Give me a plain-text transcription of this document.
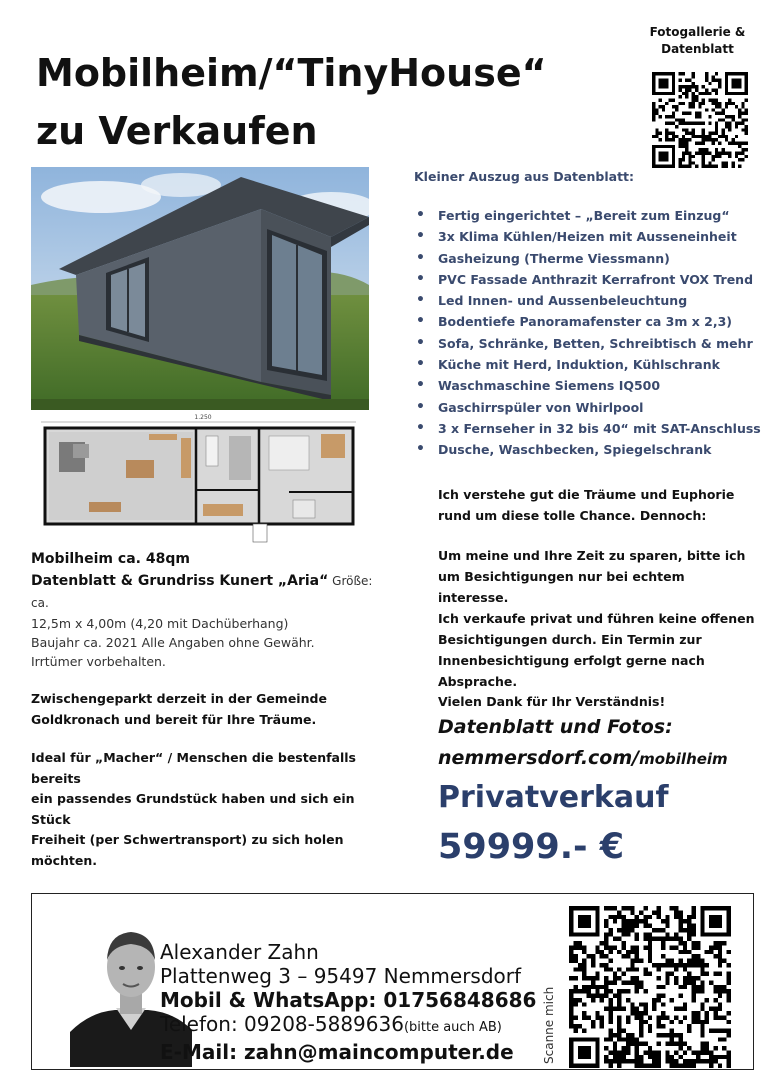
Mobilheim/“TinyHouse“
zu Verkaufen
Fotogallerie &
Datenblatt
1.250
Mobilheim ca. 48qm
Datenblatt & Grundriss Kunert „Aria“ Größe: ca.
12,5m x 4,00m (4,20 mit Dachüberhang)
Baujahr ca. 2021 Alle Angaben ohne Gewähr.
Irrtümer vorbehalten.
Zwischengeparkt derzeit in der Gemeinde
Goldkronach und bereit für Ihre Träume.
Ideal für „Macher“ / Menschen die bestenfalls bereits
ein passendes Grundstück haben und sich ein Stück
Freiheit (per Schwertransport) zu sich holen möchten.
Kleiner Auszug aus Datenblatt:
• Fertig eingerichtet – „Bereit zum Einzug“
• 3x Klima Kühlen/Heizen mit Ausseneinheit
• Gasheizung (Therme Viessmann)
• PVC Fassade Anthrazit Kerrafront VOX Trend
• Led Innen- und Aussenbeleuchtung
• Bodentiefe Panoramafenster ca 3m x 2,3)
• Sofa, Schränke, Betten, Schreibtisch & mehr
• Küche mit Herd, Induktion, Kühlschrank
• Waschmaschine Siemens IQ500
• Gaschirrspüler von Whirlpool
• 3 x Fernseher in 32 bis 40“ mit SAT-Anschluss
• Dusche, Waschbecken, Spiegelschrank
Ich verstehe gut die Träume und Euphorie
rund um diese tolle Chance. Dennoch:
Um meine und Ihre Zeit zu sparen, bitte ich
um Besichtigungen nur bei echtem interesse.
Ich verkaufe privat und führen keine offenen
Besichtigungen durch. Ein Termin zur
Innenbesichtigung erfolgt gerne nach
Absprache.
Vielen Dank für Ihr Verständnis!
Datenblatt und Fotos:
nemmersdorf.com/mobilheim
Privatverkauf
59999.- €
Alexander Zahn
Plattenweg 3 – 95497 Nemmersdorf
Mobil & WhatsApp: 01756848686
Telefon: 09208-5889636(bitte auch AB)
E-Mail: zahn@maincomputer.de	Scanne mich
